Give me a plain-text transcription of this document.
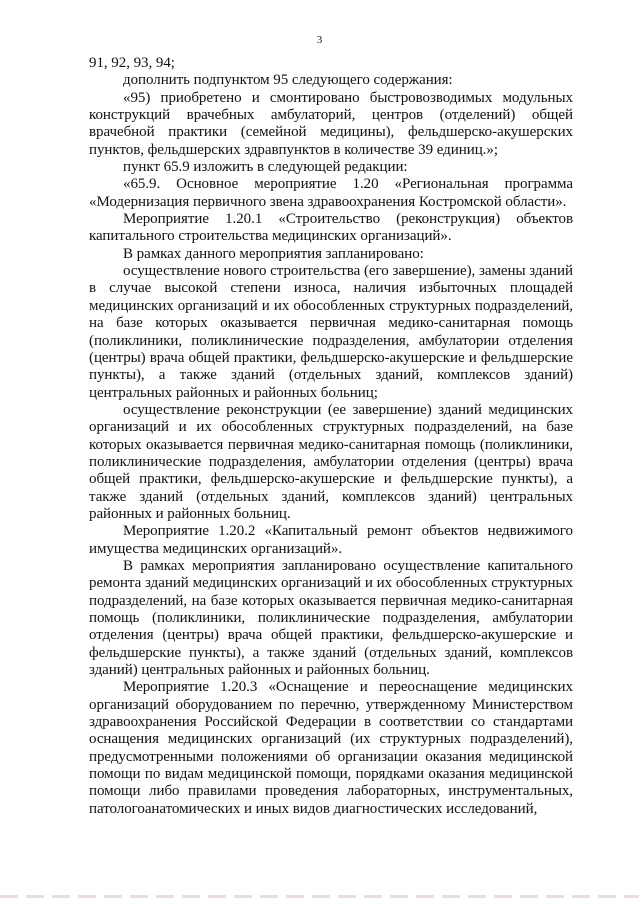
3

91, 92, 93, 94;

дополнить подпунктом 95 следующего содержания:

«95) приобретено и смонтировано быстровозводимых модульных конструкций врачебных амбулаторий, центров (отделений) общей врачебной практики (семейной медицины), фельдшерско-акушерских пунктов, фельдшерских здравпунктов в количестве 39 единиц.»;

пункт 65.9 изложить в следующей редакции:

«65.9. Основное мероприятие 1.20 «Региональная программа «Модернизация первичного звена здравоохранения Костромской области».

Мероприятие 1.20.1 «Строительство (реконструкция) объектов капитального строительства медицинских организаций».

В рамках данного мероприятия запланировано:

осуществление нового строительства (его завершение), замены зданий в случае высокой степени износа, наличия избыточных площадей медицинских организаций и их обособленных структурных подразделений, на базе которых оказывается первичная медико-санитарная помощь (поликлиники, поликлинические подразделения, амбулатории отделения (центры) врача общей практики, фельдшерско-акушерские и фельдшерские пункты), а также зданий (отдельных зданий, комплексов зданий) центральных районных и районных больниц;

осуществление реконструкции (ее завершение) зданий медицинских организаций и их обособленных структурных подразделений, на базе которых оказывается первичная медико-санитарная помощь (поликлиники, поликлинические подразделения, амбулатории отделения (центры) врача общей практики, фельдшерско-акушерские и фельдшерские пункты), а также зданий (отдельных зданий, комплексов зданий) центральных районных и районных больниц.

Мероприятие 1.20.2 «Капитальный ремонт объектов недвижимого имущества медицинских организаций».

В рамках мероприятия запланировано осуществление капитального ремонта зданий медицинских организаций и их обособленных структурных подразделений, на базе которых оказывается первичная медико-санитарная помощь (поликлиники, поликлинические подразделения, амбулатории отделения (центры) врача общей практики, фельдшерско-акушерские и фельдшерские пункты), а также зданий (отдельных зданий, комплексов зданий) центральных районных и районных больниц.

Мероприятие 1.20.3 «Оснащение и переоснащение медицинских организаций оборудованием по перечню, утвержденному Министерством здравоохранения Российской Федерации в соответствии со стандартами оснащения медицинских организаций (их структурных подразделений), предусмотренными положениями об организации оказания медицинской помощи по видам медицинской помощи, порядками оказания медицинской помощи либо правилами проведения лабораторных, инструментальных, патологоанатомических и иных видов диагностических исследований,
